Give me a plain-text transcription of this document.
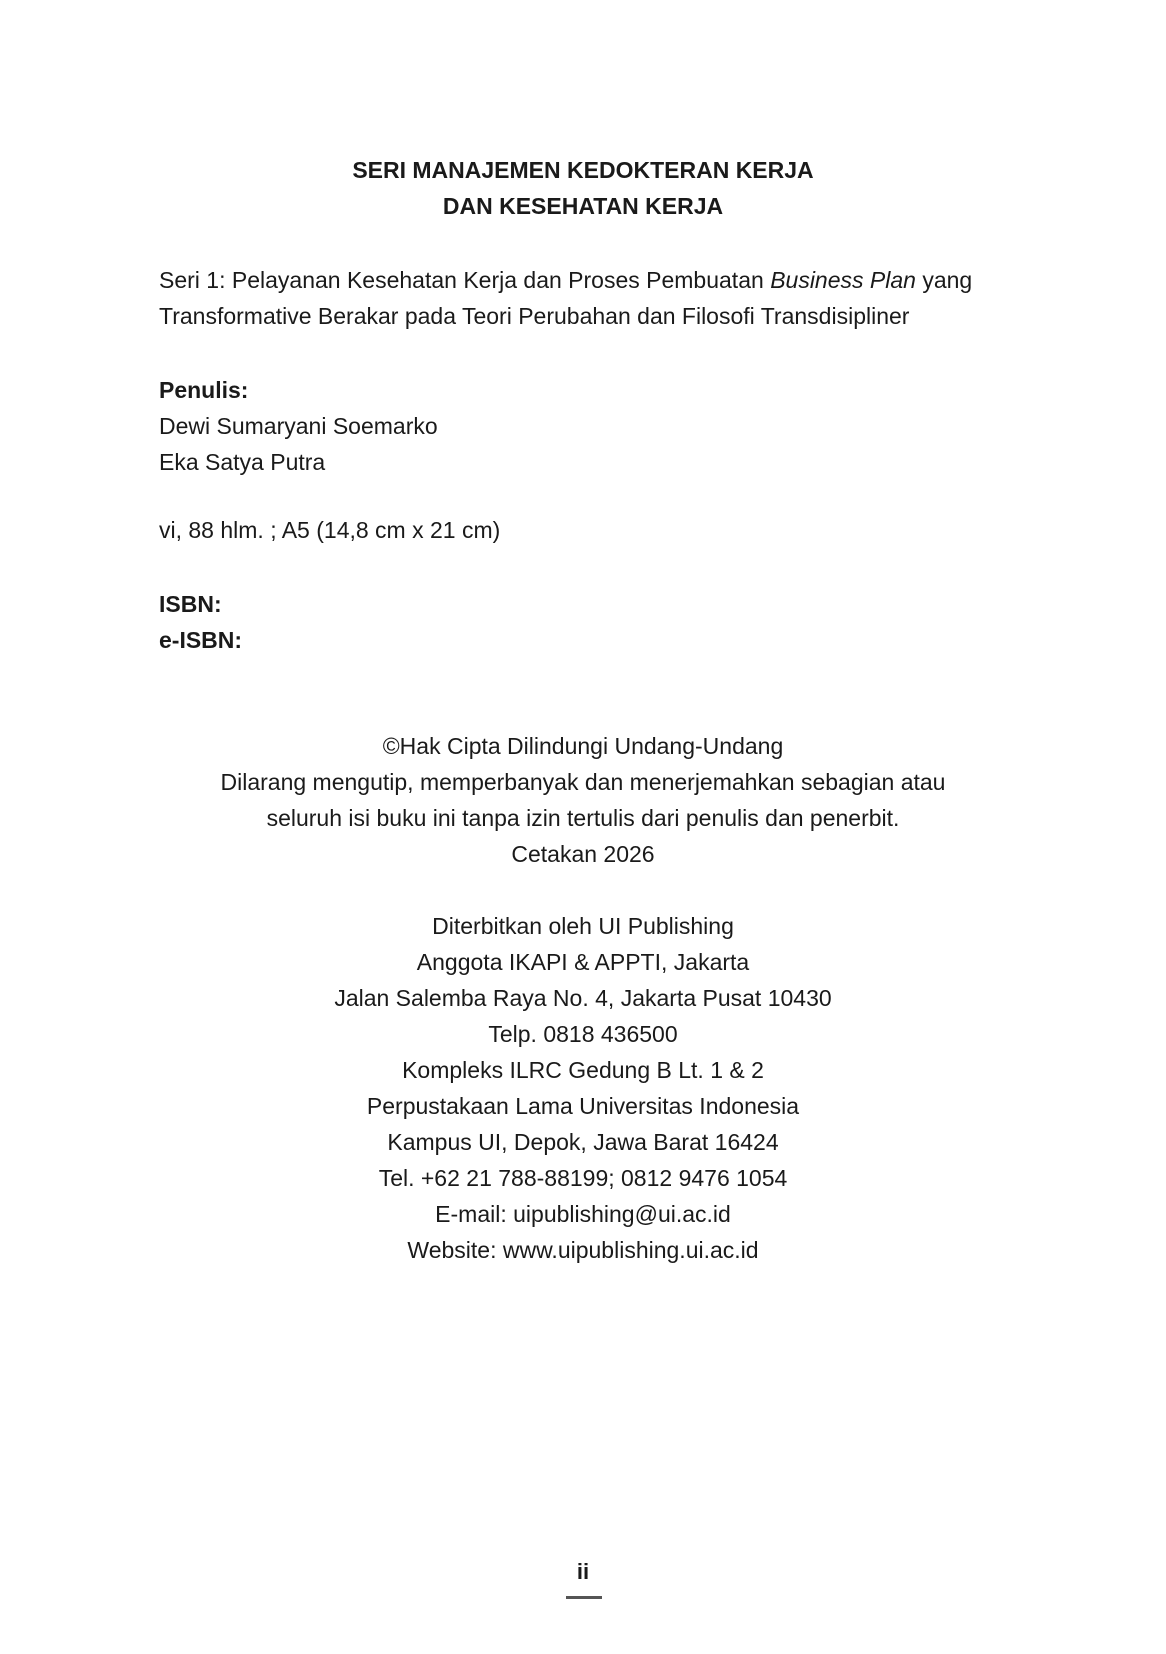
SERI MANAJEMEN KEDOKTERAN KERJA
DAN KESEHATAN KERJA
Seri 1: Pelayanan Kesehatan Kerja dan Proses Pembuatan Business Plan yang
Transformative Berakar pada Teori Perubahan dan Filosofi Transdisipliner
Penulis:
Dewi Sumaryani Soemarko
Eka Satya Putra
vi, 88 hlm. ; A5 (14,8 cm x 21 cm)
ISBN:
e-ISBN:
©Hak Cipta Dilindungi Undang-Undang
Dilarang mengutip, memperbanyak dan menerjemahkan sebagian atau
seluruh isi buku ini tanpa izin tertulis dari penulis dan penerbit.
Cetakan 2026
Diterbitkan oleh UI Publishing
Anggota IKAPI & APPTI, Jakarta
Jalan Salemba Raya No. 4, Jakarta Pusat 10430
Telp. 0818 436500
Kompleks ILRC Gedung B Lt. 1 & 2
Perpustakaan Lama Universitas Indonesia
Kampus UI, Depok, Jawa Barat 16424
Tel. +62 21 788-88199; 0812 9476 1054
E-mail: uipublishing@ui.ac.id
Website: www.uipublishing.ui.ac.id
ii
